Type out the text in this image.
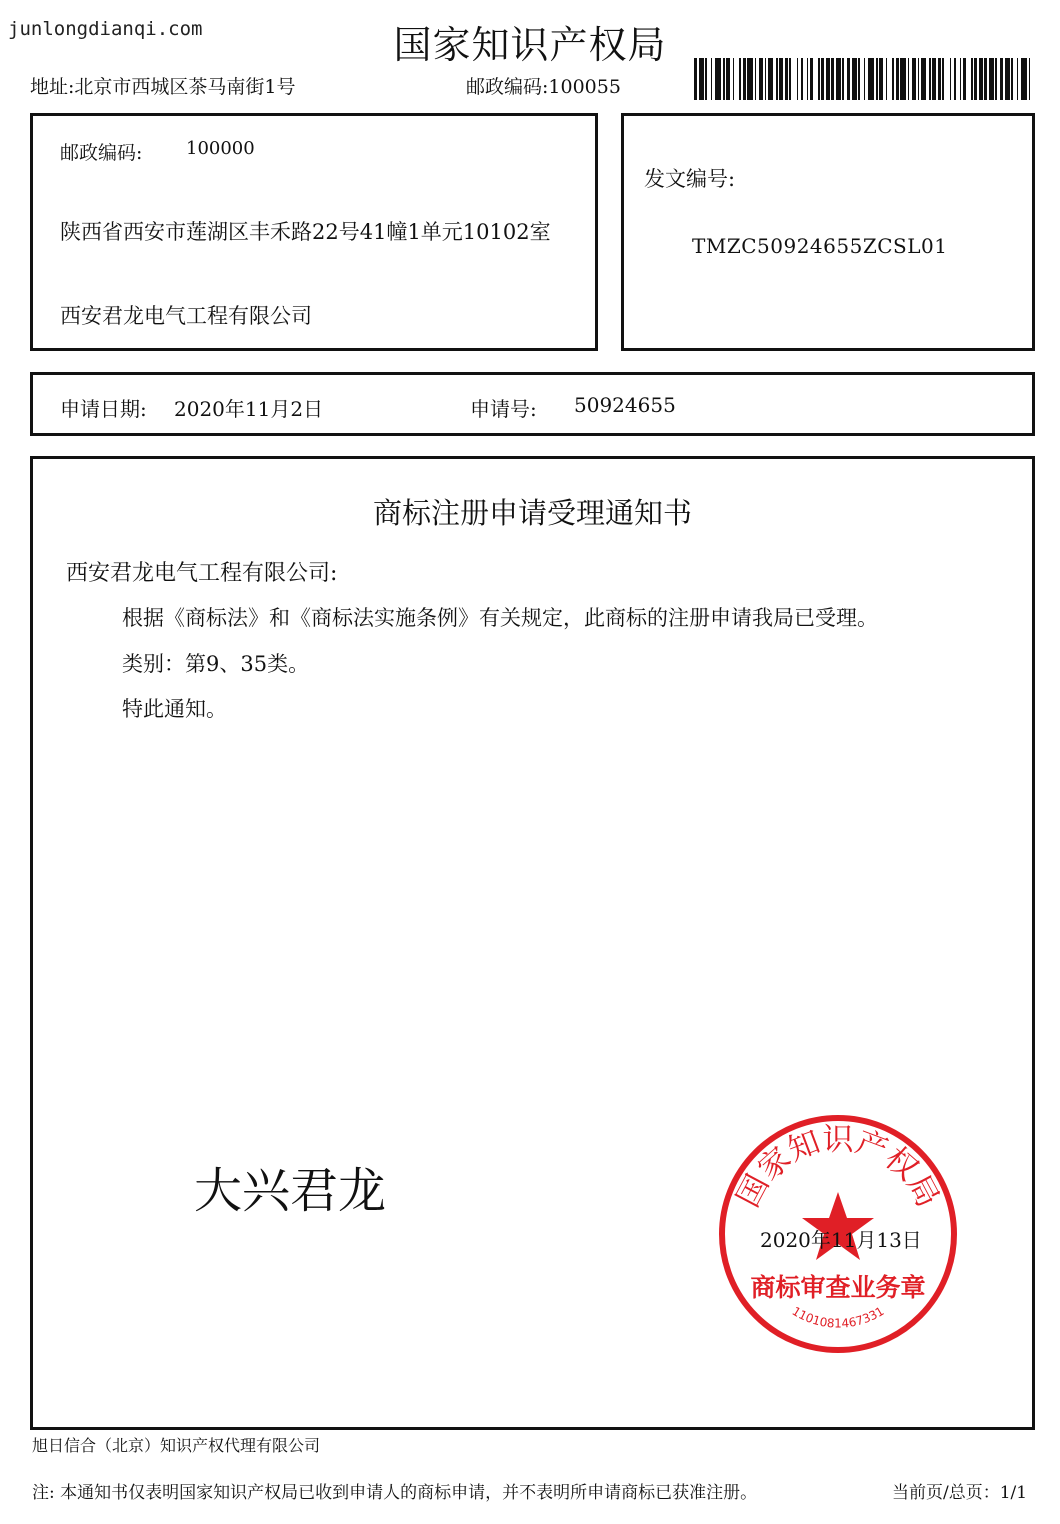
junlongdianqi.com	国家知识产权局
地址:北京市西城区茶马南街1号	邮政编码:100055
邮政编码: 100000
陕西省西安市莲湖区丰禾路22号41幢1单元10102室
西安君龙电气工程有限公司
发文编号:
TMZC50924655ZCSL01
申请日期: 2020年11月2日	申请号: 50924655
商标注册申请受理通知书
西安君龙电气工程有限公司:
根据《商标法》和《商标法实施条例》有关规定，此商标的注册申请我局已受理。
类别：第9、35类。
特此通知。
大兴君龙	国家知识产权局
商标审查业务章
1101081467331
2020年11月13日
旭日信合（北京）知识产权代理有限公司
注: 本通知书仅表明国家知识产权局已收到申请人的商标申请，并不表明所申请商标已获准注册。	当前页/总页：1/1
